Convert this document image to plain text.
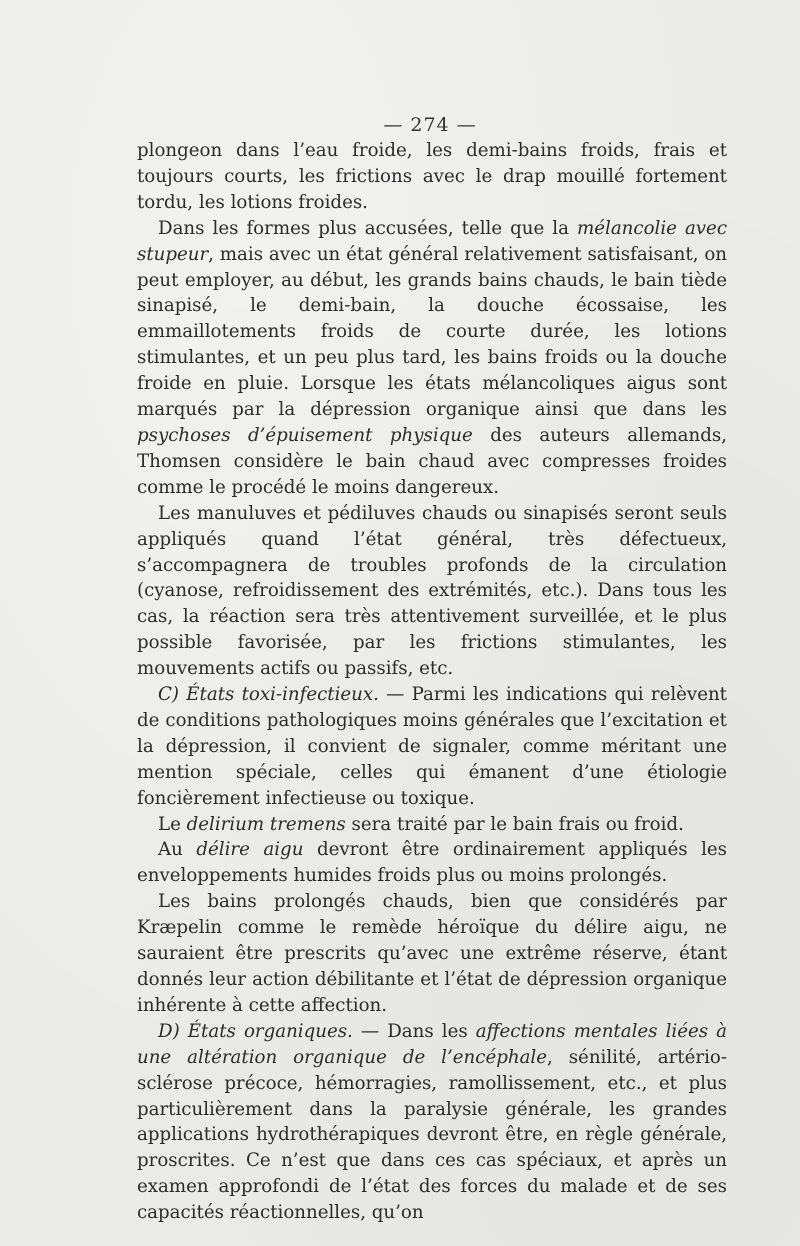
— 274 —

plongeon dans l’eau froide, les demi-bains froids, frais et toujours courts, les frictions avec le drap mouillé fortement tordu, les lotions froides.

Dans les formes plus accusées, telle que la mélancolie avec stupeur, mais avec un état général relativement satisfaisant, on peut employer, au début, les grands bains chauds, le bain tiède sinapisé, le demi-bain, la douche écossaise, les emmaillotements froids de courte durée, les lotions stimulantes, et un peu plus tard, les bains froids ou la douche froide en pluie. Lorsque les états mélancoliques aigus sont marqués par la dépression organique ainsi que dans les psychoses d’épuisement physique des auteurs allemands, Thomsen considère le bain chaud avec compresses froides comme le procédé le moins dangereux.

Les manuluves et pédiluves chauds ou sinapisés seront seuls appliqués quand l’état général, très défectueux, s’accompagnera de troubles profonds de la circulation (cyanose, refroidissement des extrémités, etc.). Dans tous les cas, la réaction sera très attentivement surveillée, et le plus possible favorisée, par les frictions stimulantes, les mouvements actifs ou passifs, etc.

C) États toxi-infectieux. — Parmi les indications qui relèvent de conditions pathologiques moins générales que l’excitation et la dépression, il convient de signaler, comme méritant une mention spéciale, celles qui émanent d’une étiologie foncièrement infectieuse ou toxique.

Le delirium tremens sera traité par le bain frais ou froid.

Au délire aigu devront être ordinairement appliqués les enveloppements humides froids plus ou moins prolongés.

Les bains prolongés chauds, bien que considérés par Kræpelin comme le remède héroïque du délire aigu, ne sauraient être prescrits qu’avec une extrême réserve, étant donnés leur action débilitante et l’état de dépression organique inhérente à cette affection.

D) États organiques. — Dans les affections mentales liées à une altération organique de l’encéphale, sénilité, artério-sclérose précoce, hémorragies, ramollissement, etc., et plus particulièrement dans la paralysie générale, les grandes applications hydrothérapiques devront être, en règle générale, proscrites. Ce n’est que dans ces cas spéciaux, et après un examen approfondi de l’état des forces du malade et de ses capacités réactionnelles, qu’on
